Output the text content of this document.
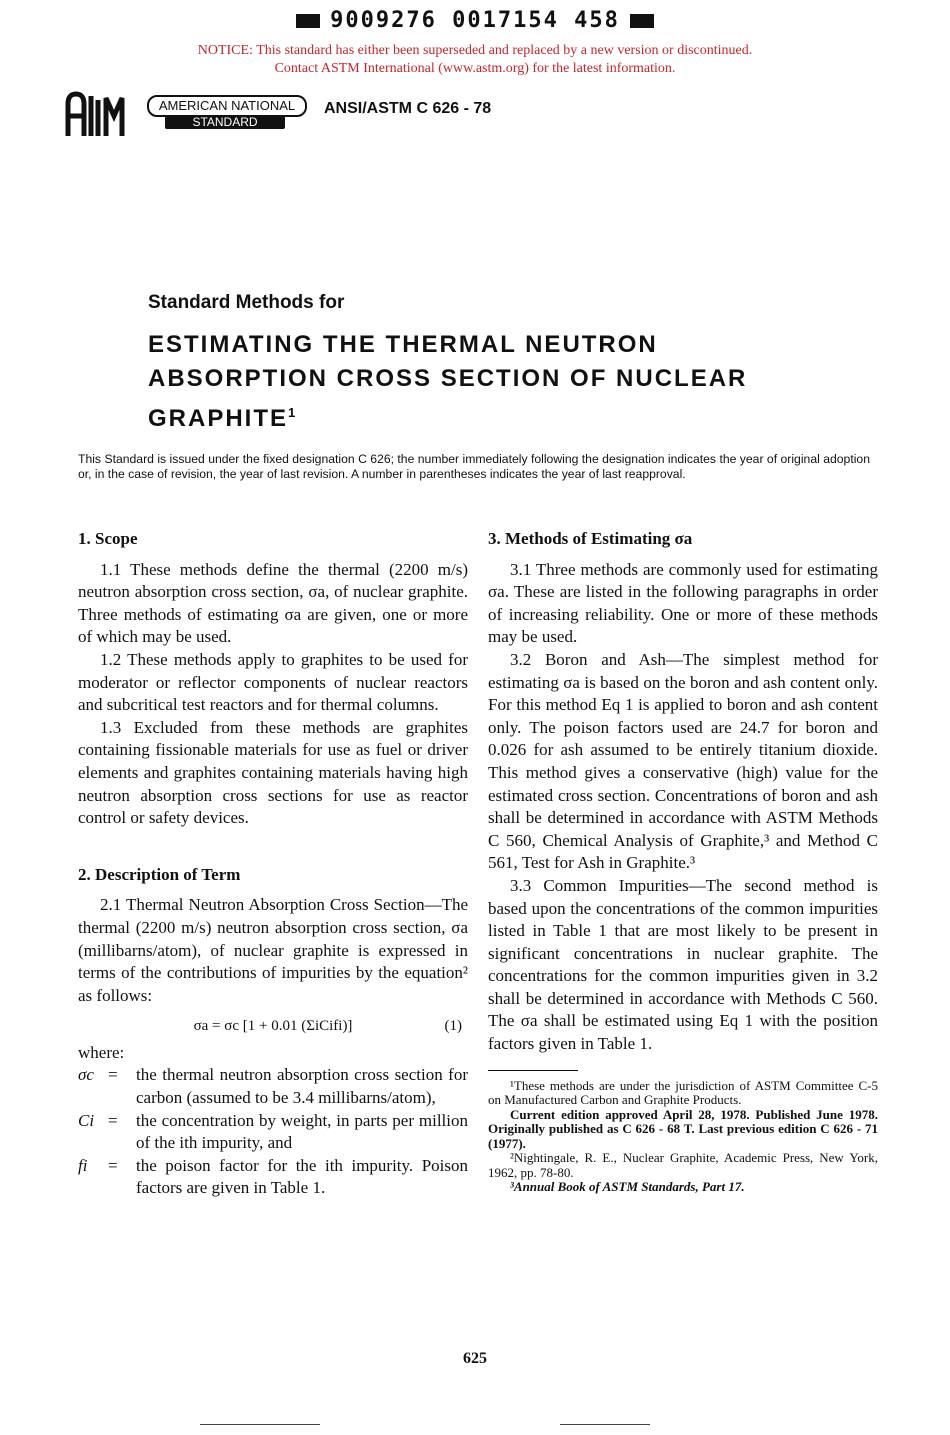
9009276 0017154 458
NOTICE: This standard has either been superseded and replaced by a new version or discontinued.
Contact ASTM International (www.astm.org) for the latest information.
AMERICAN NATIONAL
STANDARD
ANSI/ASTM C 626 - 78
Standard Methods for
ESTIMATING THE THERMAL NEUTRON
ABSORPTION CROSS SECTION OF NUCLEAR
GRAPHITE$^1$
This Standard is issued under the fixed designation C 626; the number immediately following the designation indicates the year of original adoption or, in the case of revision, the year of last revision. A number in parentheses indicates the year of last reapproval.
1. Scope

1.1 These methods define the thermal (2200 m/s) neutron absorption cross section, σa, of nuclear graphite. Three methods of estimating σa are given, one or more of which may be used.

1.2 These methods apply to graphites to be used for moderator or reflector components of nuclear reactors and subcritical test reactors and for thermal columns.

1.3 Excluded from these methods are graphites containing fissionable materials for use as fuel or driver elements and graphites containing materials having high neutron absorption cross sections for use as reactor control or safety devices.

2. Description of Term

2.1 Thermal Neutron Absorption Cross Section—The thermal (2200 m/s) neutron absorption cross section, σa (millibarns/atom), of nuclear graphite is expressed in terms of the contributions of impurities by the equation² as follows:

σa = σc [1 + 0.01 (ΣiCifi)]	(1)

where:

σc	=	the thermal neutron absorption cross section for carbon (assumed to be 3.4 millibarns/atom),
Ci	=	the concentration by weight, in parts per million of the ith impurity, and
fi	=	the poison factor for the ith impurity. Poison factors are given in Table 1.
3. Methods of Estimating σa

3.1 Three methods are commonly used for estimating σa. These are listed in the following paragraphs in order of increasing reliability. One or more of these methods may be used.

3.2 Boron and Ash—The simplest method for estimating σa is based on the boron and ash content only. For this method Eq 1 is applied to boron and ash content only. The poison factors used are 24.7 for boron and 0.026 for ash assumed to be entirely titanium dioxide. This method gives a conservative (high) value for the estimated cross section. Concentrations of boron and ash shall be determined in accordance with ASTM Methods C 560, Chemical Analysis of Graphite,³ and Method C 561, Test for Ash in Graphite.³

3.3 Common Impurities—The second method is based upon the concentrations of the common impurities listed in Table 1 that are most likely to be present in significant concentrations in nuclear graphite. The concentrations for the common impurities given in 3.2 shall be determined in accordance with Methods C 560. The σa shall be estimated using Eq 1 with the position factors given in Table 1.

¹These methods are under the jurisdiction of ASTM Committee C-5 on Manufactured Carbon and Graphite Products.

Current edition approved April 28, 1978. Published June 1978. Originally published as C 626 - 68 T. Last previous edition C 626 - 71 (1977).

²Nightingale, R. E., Nuclear Graphite, Academic Press, New York, 1962, pp. 78-80.

³Annual Book of ASTM Standards, Part 17.

625
